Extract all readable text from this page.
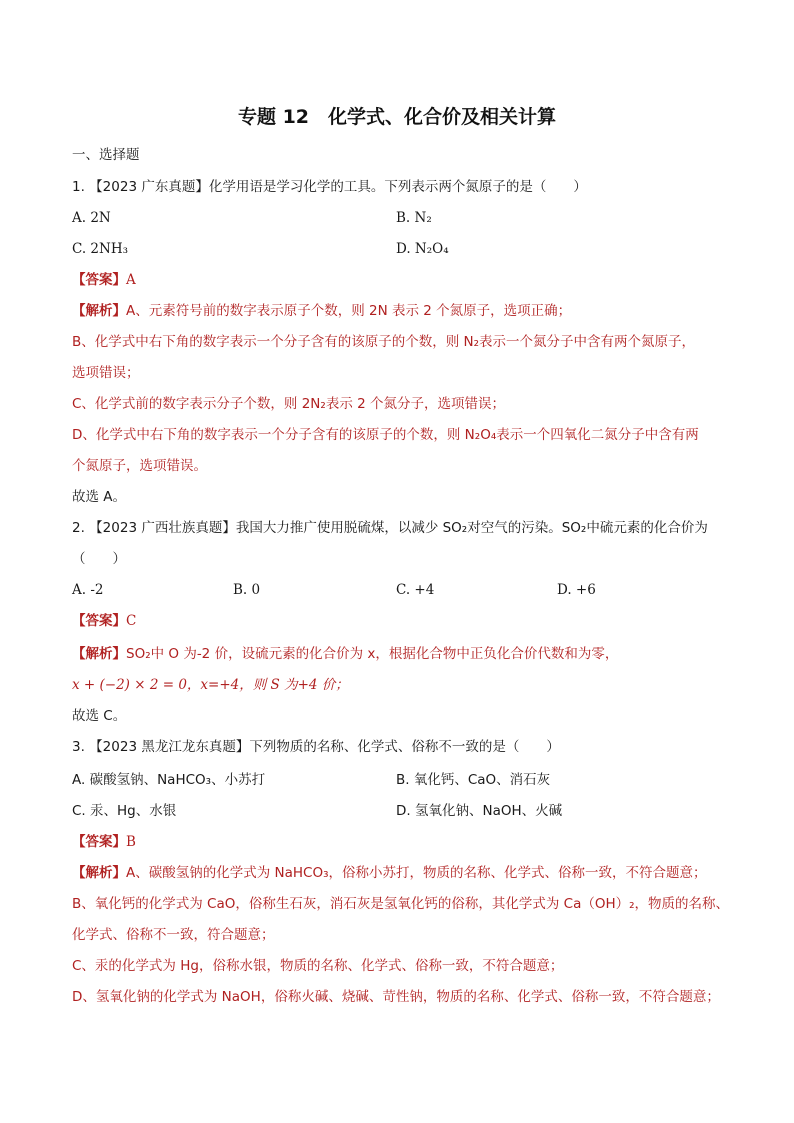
专题 12　化学式、化合价及相关计算
一、选择题
1. 【2023 广东真题】化学用语是学习化学的工具。下列表示两个氮原子的是（　　）
A. 2N	B. N₂
C. 2NH₃	D. N₂O₄
【答案】A
【解析】A、元素符号前的数字表示原子个数，则 2N 表示 2 个氮原子，选项正确；
B、化学式中右下角的数字表示一个分子含有的该原子的个数，则 N₂表示一个氮分子中含有两个氮原子，
选项错误；
C、化学式前的数字表示分子个数，则 2N₂表示 2 个氮分子，选项错误；
D、化学式中右下角的数字表示一个分子含有的该原子的个数，则 N₂O₄表示一个四氧化二氮分子中含有两
个氮原子，选项错误。
故选 A。
2. 【2023 广西壮族真题】我国大力推广使用脱硫煤，以减少 SO₂对空气的污染。SO₂中硫元素的化合价为
（　　）
A. -2	B. 0	C. +4	D. +6
【答案】C
【解析】SO₂中 O 为-2 价，设硫元素的化合价为 x，根据化合物中正负化合价代数和为零，
x + (−2) × 2 = 0，x=+4，则 S 为+4 价；
故选 C。
3. 【2023 黑龙江龙东真题】下列物质的名称、化学式、俗称不一致的是（　　）
A. 碳酸氢钠、NaHCO₃、小苏打	B. 氧化钙、CaO、消石灰
C. 汞、Hg、水银	D. 氢氧化钠、NaOH、火碱
【答案】B
【解析】A、碳酸氢钠的化学式为 NaHCO₃，俗称小苏打，物质的名称、化学式、俗称一致，不符合题意；
B、氧化钙的化学式为 CaO，俗称生石灰，消石灰是氢氧化钙的俗称，其化学式为 Ca（OH）₂，物质的名称、
化学式、俗称不一致，符合题意；
C、汞的化学式为 Hg，俗称水银，物质的名称、化学式、俗称一致，不符合题意；
D、氢氧化钠的化学式为 NaOH，俗称火碱、烧碱、苛性钠，物质的名称、化学式、俗称一致，不符合题意；
